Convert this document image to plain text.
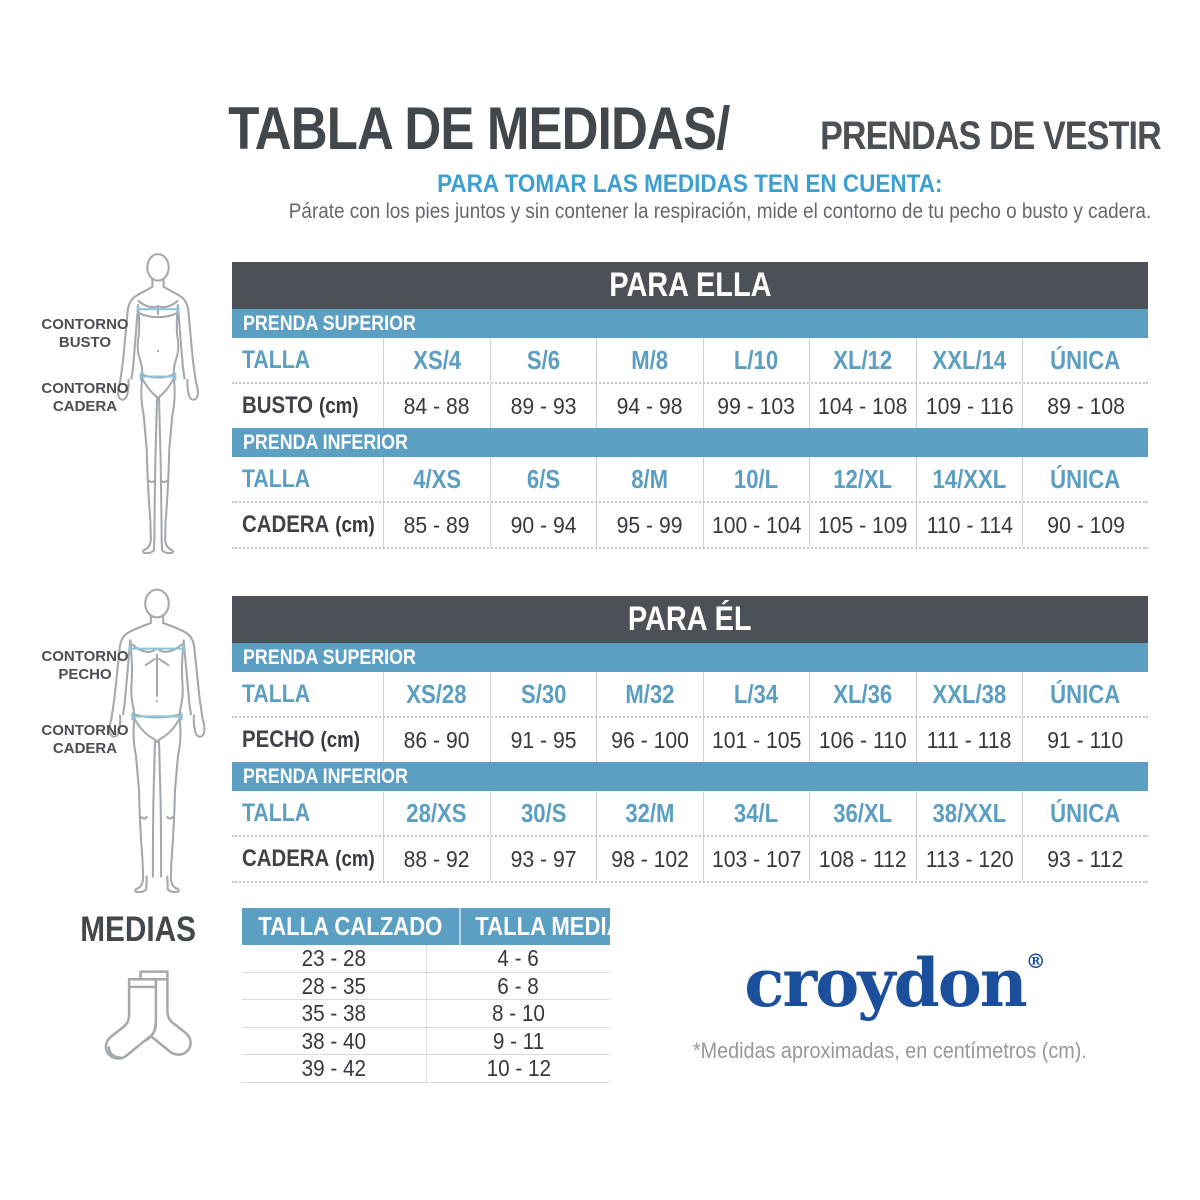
TABLA DE MEDIDAS/	PRENDAS DE VESTIR
PARA TOMAR LAS MEDIDAS TEN EN CUENTA:
Párate con los pies juntos y sin contener la respiración, mide el contorno de tu pecho o busto y cadera.
CONTORNO BUSTO
CONTORNO CADERA
CONTORNO PECHO
CONTORNO CADERA
PARA ELLA
PRENDA SUPERIOR
TALLA	XS/4	S/6	M/8	L/10 XL/12 XXL/14 ÚNICA
BUSTO (cm) 84 - 88 89 - 93 94 - 98 99 - 103 104 - 108 109 - 116 89 - 108
PRENDA INFERIOR
TALLA	4/XS	6/S	8/M	10/L 12/XL 14/XXL ÚNICA
CADERA (cm) 85 - 89 90 - 94 95 - 99 100 - 104 105 - 109 110 - 114 90 - 109
PARA ÉL
PRENDA SUPERIOR
TALLA	XS/28 S/30 M/32 L/34 XL/36 XXL/38 ÚNICA
PECHO (cm) 86 - 90 91 - 95 96 - 100 101 - 105 106 - 110 111 - 118 91 - 110
PRENDA INFERIOR
TALLA	28/XS 30/S 32/M 34/L 36/XL 38/XXL ÚNICA
CADERA (cm) 88 - 92 93 - 97 98 - 102 103 - 107 108 - 112 113 - 120 93 - 112
MEDIAS	TALLA CALZADO TALLA MEDIAS
23 - 28	4 - 6
28 - 35	6 - 8
35 - 38	8 - 10
38 - 40	9 - 11
39 - 42	10 - 12
croydon®
*Medidas aproximadas, en centímetros (cm).
